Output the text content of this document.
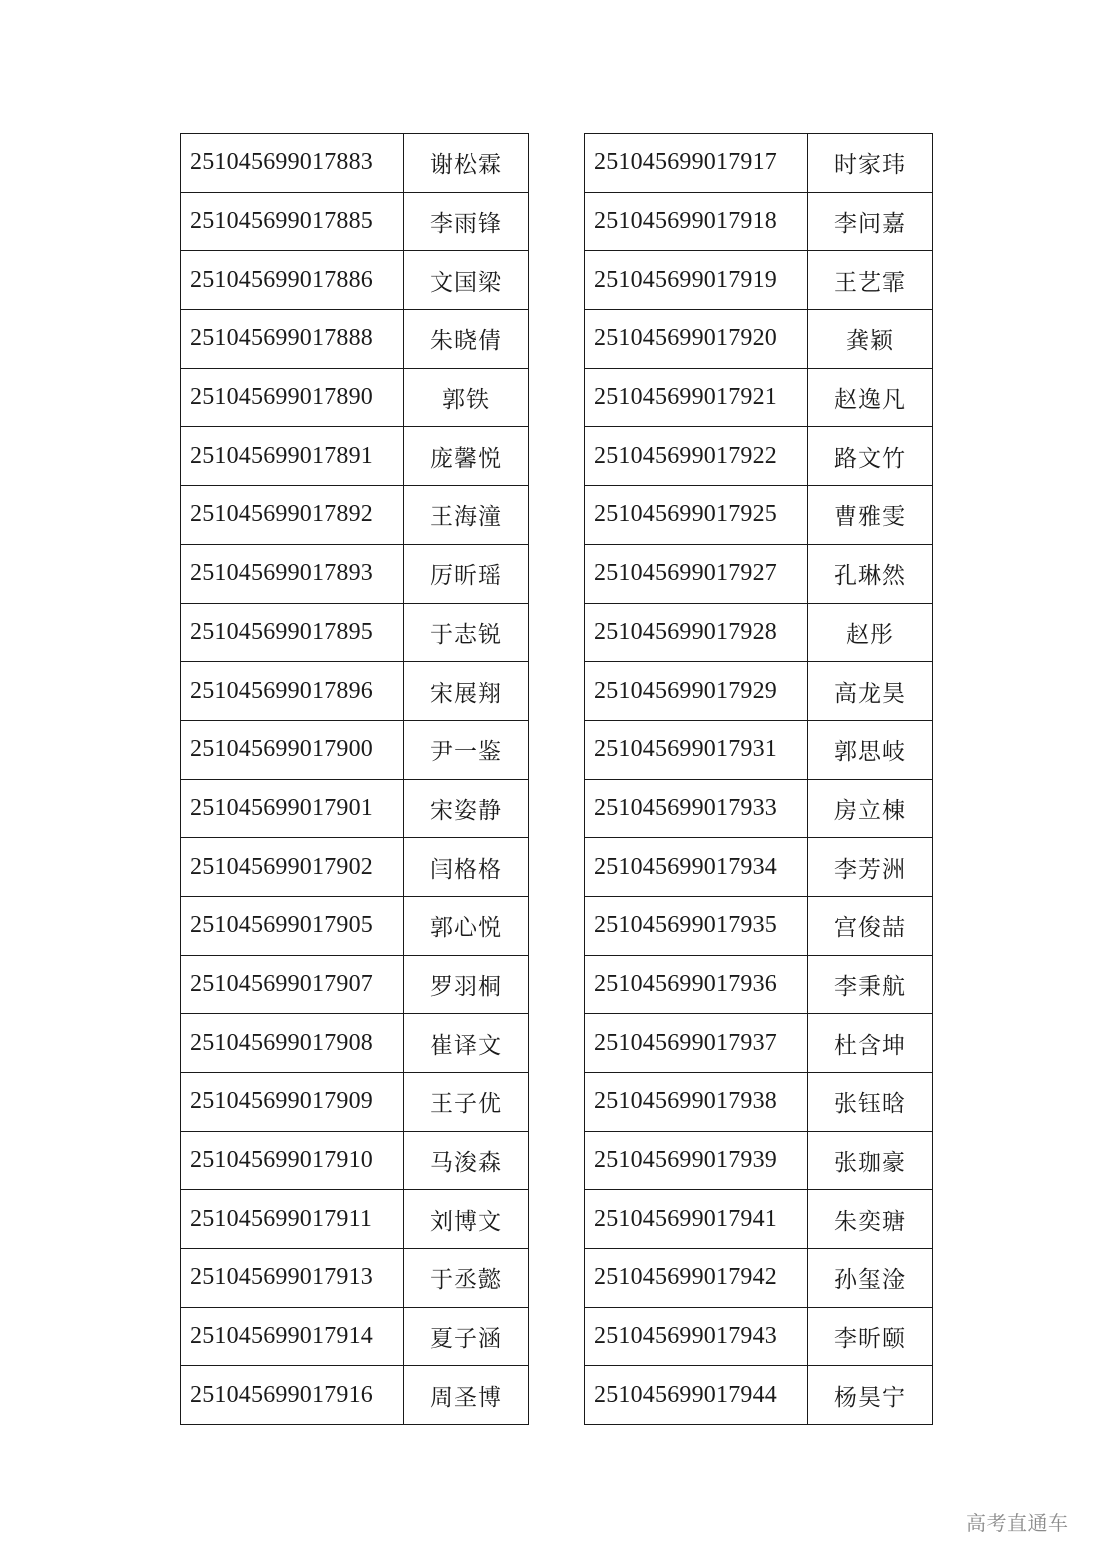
251045699017883	谢松霖
251045699017885	李雨锋
251045699017886	文国梁
251045699017888	朱晓倩
251045699017890	郭铁
251045699017891	庞馨悦
251045699017892	王海潼
251045699017893	厉昕瑶
251045699017895	于志锐
251045699017896	宋展翔
251045699017900	尹一鉴
251045699017901	宋姿静
251045699017902	闫格格
251045699017905	郭心悦
251045699017907	罗羽桐
251045699017908	崔译文
251045699017909	王子优
251045699017910	马浚森
251045699017911	刘博文
251045699017913	于丞懿
251045699017914	夏子涵
251045699017916	周圣博
251045699017917	时家玮
251045699017918	李问嘉
251045699017919	王艺霏
251045699017920	龚颖
251045699017921	赵逸凡
251045699017922	路文竹
251045699017925	曹雅雯
251045699017927	孔琳然
251045699017928	赵彤
251045699017929	高龙昊
251045699017931	郭思岐
251045699017933	房立棟
251045699017934	李芳洲
251045699017935	宫俊喆
251045699017936	李秉航
251045699017937	杜含坤
251045699017938	张钰晗
251045699017939	张珈豪
251045699017941	朱奕瑭
251045699017942	孙玺淦
251045699017943	李昕颐
251045699017944	杨昊宁
高考直通车
